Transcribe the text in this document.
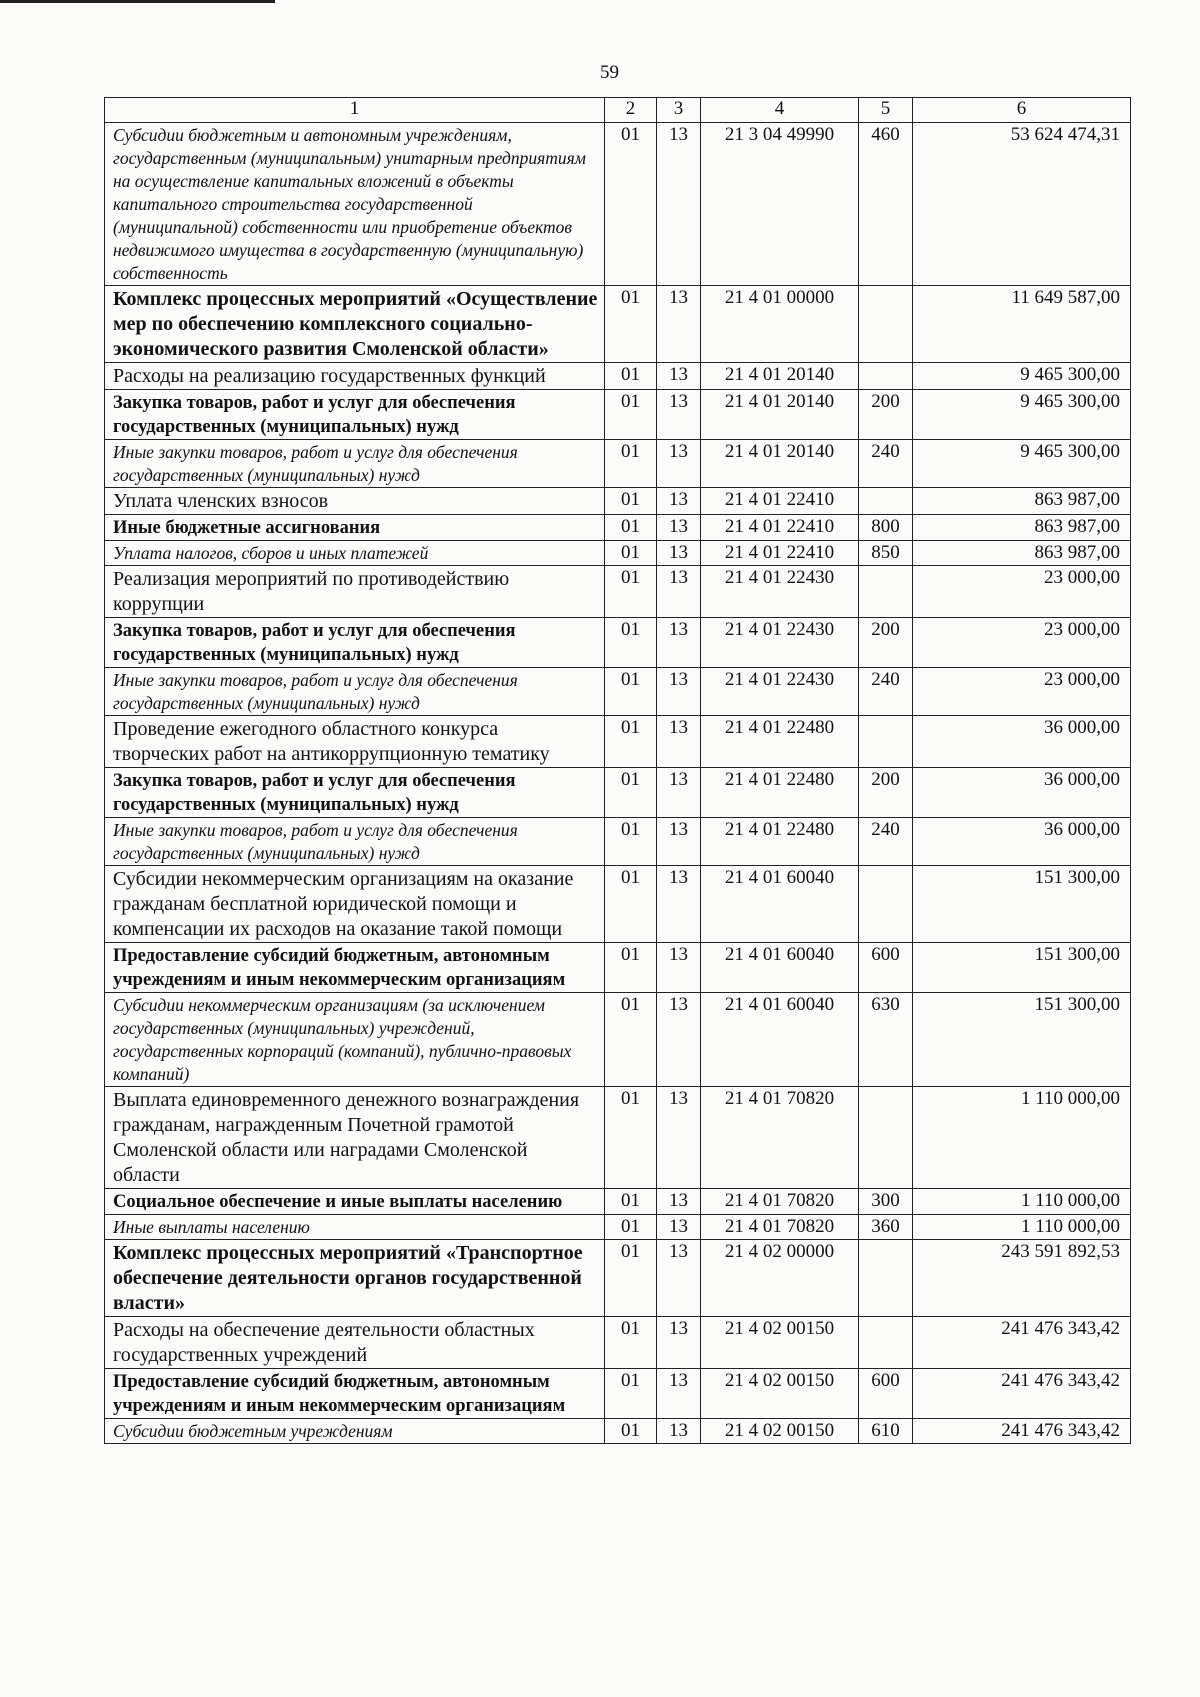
59
1	2	3	4	5	6
Субсидии бюджетным и автономным учреждениям, государственным (муниципальным) унитарным предприятиям на осуществление капитальных вложений в объекты капитального строительства государственной (муниципальной) собственности или приобретение объектов недвижимого имущества в государственную (муниципальную) собственность	01	13	21 3 04 49990	460	53 624 474,31
Комплекс процессных мероприятий «Осуществление мер по обеспечению комплексного социально-экономического развития Смоленской области»	01	13	21 4 01 00000		11 649 587,00
Расходы на реализацию государственных функций	01	13	21 4 01 20140		9 465 300,00
Закупка товаров, работ и услуг для обеспечения государственных (муниципальных) нужд	01	13	21 4 01 20140	200	9 465 300,00
Иные закупки товаров, работ и услуг для обеспечения государственных (муниципальных) нужд	01	13	21 4 01 20140	240	9 465 300,00
Уплата членских взносов	01	13	21 4 01 22410		863 987,00
Иные бюджетные ассигнования	01	13	21 4 01 22410	800	863 987,00
Уплата налогов, сборов и иных платежей	01	13	21 4 01 22410	850	863 987,00
Реализация мероприятий по противодействию коррупции	01	13	21 4 01 22430		23 000,00
Закупка товаров, работ и услуг для обеспечения государственных (муниципальных) нужд	01	13	21 4 01 22430	200	23 000,00
Иные закупки товаров, работ и услуг для обеспечения государственных (муниципальных) нужд	01	13	21 4 01 22430	240	23 000,00
Проведение ежегодного областного конкурса творческих работ на антикоррупционную тематику	01	13	21 4 01 22480		36 000,00
Закупка товаров, работ и услуг для обеспечения государственных (муниципальных) нужд	01	13	21 4 01 22480	200	36 000,00
Иные закупки товаров, работ и услуг для обеспечения государственных (муниципальных) нужд	01	13	21 4 01 22480	240	36 000,00
Субсидии некоммерческим организациям на оказание гражданам бесплатной юридической помощи и компенсации их расходов на оказание такой помощи	01	13	21 4 01 60040		151 300,00
Предоставление субсидий бюджетным, автономным учреждениям и иным некоммерческим организациям	01	13	21 4 01 60040	600	151 300,00
Субсидии некоммерческим организациям (за исключением государственных (муниципальных) учреждений, государственных корпораций (компаний), публично-правовых компаний)	01	13	21 4 01 60040	630	151 300,00
Выплата единовременного денежного вознаграждения гражданам, награжденным Почетной грамотой Смоленской области или наградами Смоленской области	01	13	21 4 01 70820		1 110 000,00
Социальное обеспечение и иные выплаты населению	01	13	21 4 01 70820	300	1 110 000,00
Иные выплаты населению	01	13	21 4 01 70820	360	1 110 000,00
Комплекс процессных мероприятий «Транспортное обеспечение деятельности органов государственной власти»	01	13	21 4 02 00000		243 591 892,53
Расходы на обеспечение деятельности областных государственных учреждений	01	13	21 4 02 00150		241 476 343,42
Предоставление субсидий бюджетным, автономным учреждениям и иным некоммерческим организациям	01	13	21 4 02 00150	600	241 476 343,42
Субсидии бюджетным учреждениям	01	13	21 4 02 00150	610	241 476 343,42
